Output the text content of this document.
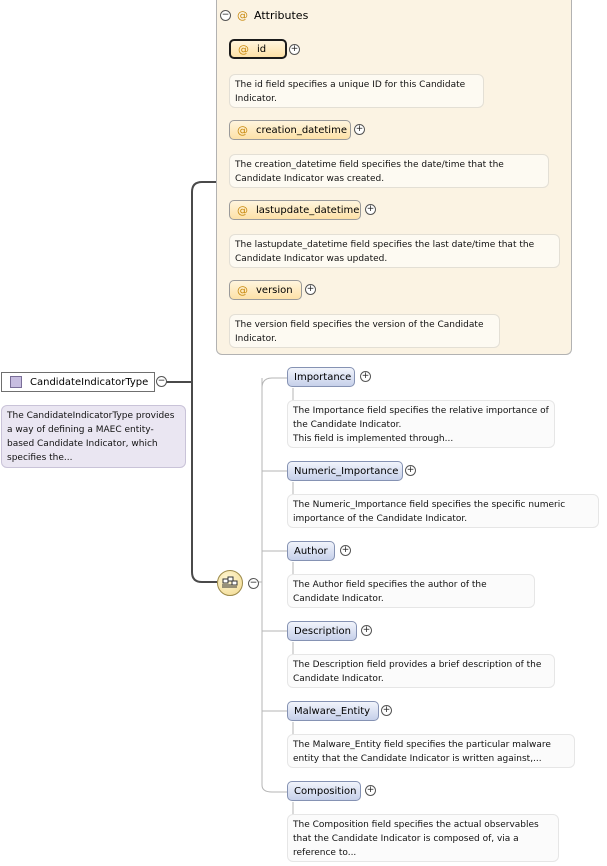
− @ Attributes
@ id	+
The id field specifies a unique ID for this Candidate Indicator.
@ creation_datetime +
The creation_datetime field specifies the date/time that the Candidate Indicator was created.
@ lastupdate_datetime +
The lastupdate_datetime field specifies the last date/time that the Candidate Indicator was updated.
@ version +
The version field specifies the version of the Candidate Indicator.
CandidateIndicatorType −
The CandidateIndicatorType provides a way of defining a MAEC entity-based Candidate Indicator, which specifies the...
−
Importance	+
The Importance field specifies the relative importance of the Candidate Indicator.
This field is implemented through...
Numeric_Importance +
The Numeric_Importance field specifies the specific numeric importance of the Candidate Indicator.
Author	+
The Author field specifies the author of the Candidate Indicator.
Description	+
The Description field provides a brief description of the Candidate Indicator.
Malware_Entity	+
The Malware_Entity field specifies the particular malware entity that the Candidate Indicator is written against,...
Composition	+
The Composition field specifies the actual observables that the Candidate Indicator is composed of, via a reference to...
